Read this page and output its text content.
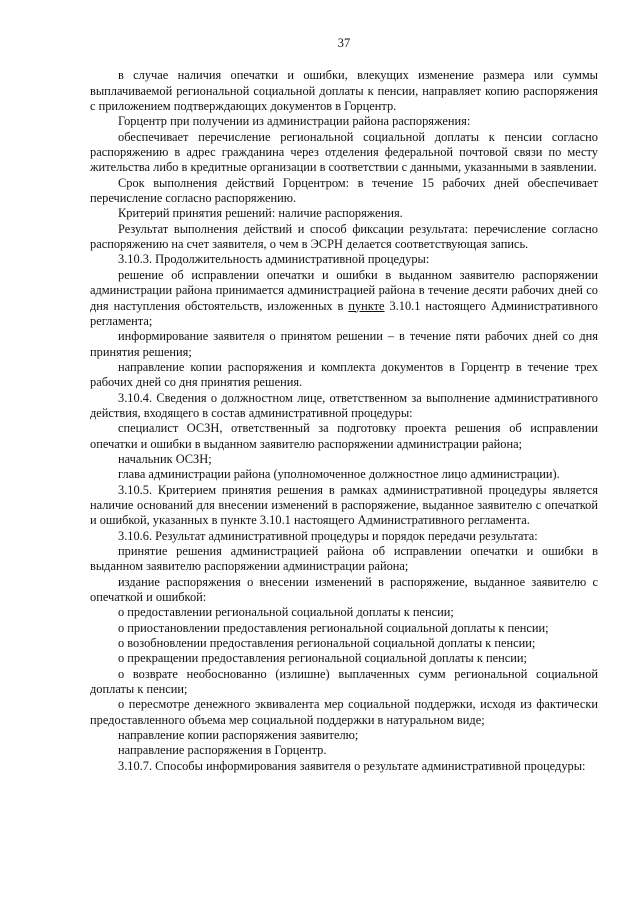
37

в случае наличия опечатки и ошибки, влекущих изменение размера или суммы выплачиваемой региональной социальной доплаты к пенсии, направляет копию распоряжения с приложением подтверждающих документов в Горцентр.

Горцентр при получении из администрации района распоряжения:

обеспечивает перечисление региональной социальной доплаты к пенсии согласно распоряжению в адрес гражданина через отделения федеральной почтовой связи по месту жительства либо в кредитные организации в соответствии с данными, указанными в заявлении.

Срок выполнения действий Горцентром: в течение 15 рабочих дней обеспечивает перечисление согласно распоряжению.

Критерий принятия решений: наличие распоряжения.

Результат выполнения действий и способ фиксации результата: перечисление согласно распоряжению на счет заявителя, о чем в ЭСРН делается соответствующая запись.

3.10.3. Продолжительность административной процедуры:

решение об исправлении опечатки и ошибки в выданном заявителю распоряжении администрации района принимается администрацией района в течение десяти рабочих дней со дня наступления обстоятельств, изложенных в пункте 3.10.1 настоящего Административного регламента;

информирование заявителя о принятом решении – в течение пяти рабочих дней со дня принятия решения;

направление копии распоряжения и комплекта документов в Горцентр в течение трех рабочих дней со дня принятия решения.

3.10.4. Сведения о должностном лице, ответственном за выполнение административного действия, входящего в состав административной процедуры:

специалист ОСЗН, ответственный за подготовку проекта решения об исправлении опечатки и ошибки в выданном заявителю распоряжении администрации района;

начальник ОСЗН;

глава администрации района (уполномоченное должностное лицо администрации).

3.10.5. Критерием принятия решения в рамках административной процедуры является наличие оснований для внесении изменений в распоряжение, выданное заявителю с опечаткой и ошибкой, указанных в пункте 3.10.1 настоящего Административного регламента.

3.10.6. Результат административной процедуры и порядок передачи результата:

принятие решения администрацией района об исправлении опечатки и ошибки в выданном заявителю распоряжении администрации района;

издание распоряжения о внесении изменений в распоряжение, выданное заявителю с опечаткой и ошибкой:

о предоставлении региональной социальной доплаты к пенсии;

о приостановлении предоставления региональной социальной доплаты к пенсии;

о возобновлении предоставления региональной социальной доплаты к пенсии;

о прекращении предоставления региональной социальной доплаты к пенсии;

о возврате необоснованно (излишне) выплаченных сумм региональной социальной доплаты к пенсии;

о пересмотре денежного эквивалента мер социальной поддержки, исходя из фактически предоставленного объема мер социальной поддержки в натуральном виде;

направление копии распоряжения заявителю;

направление распоряжения в Горцентр.

3.10.7. Способы информирования заявителя о результате административной процедуры:
